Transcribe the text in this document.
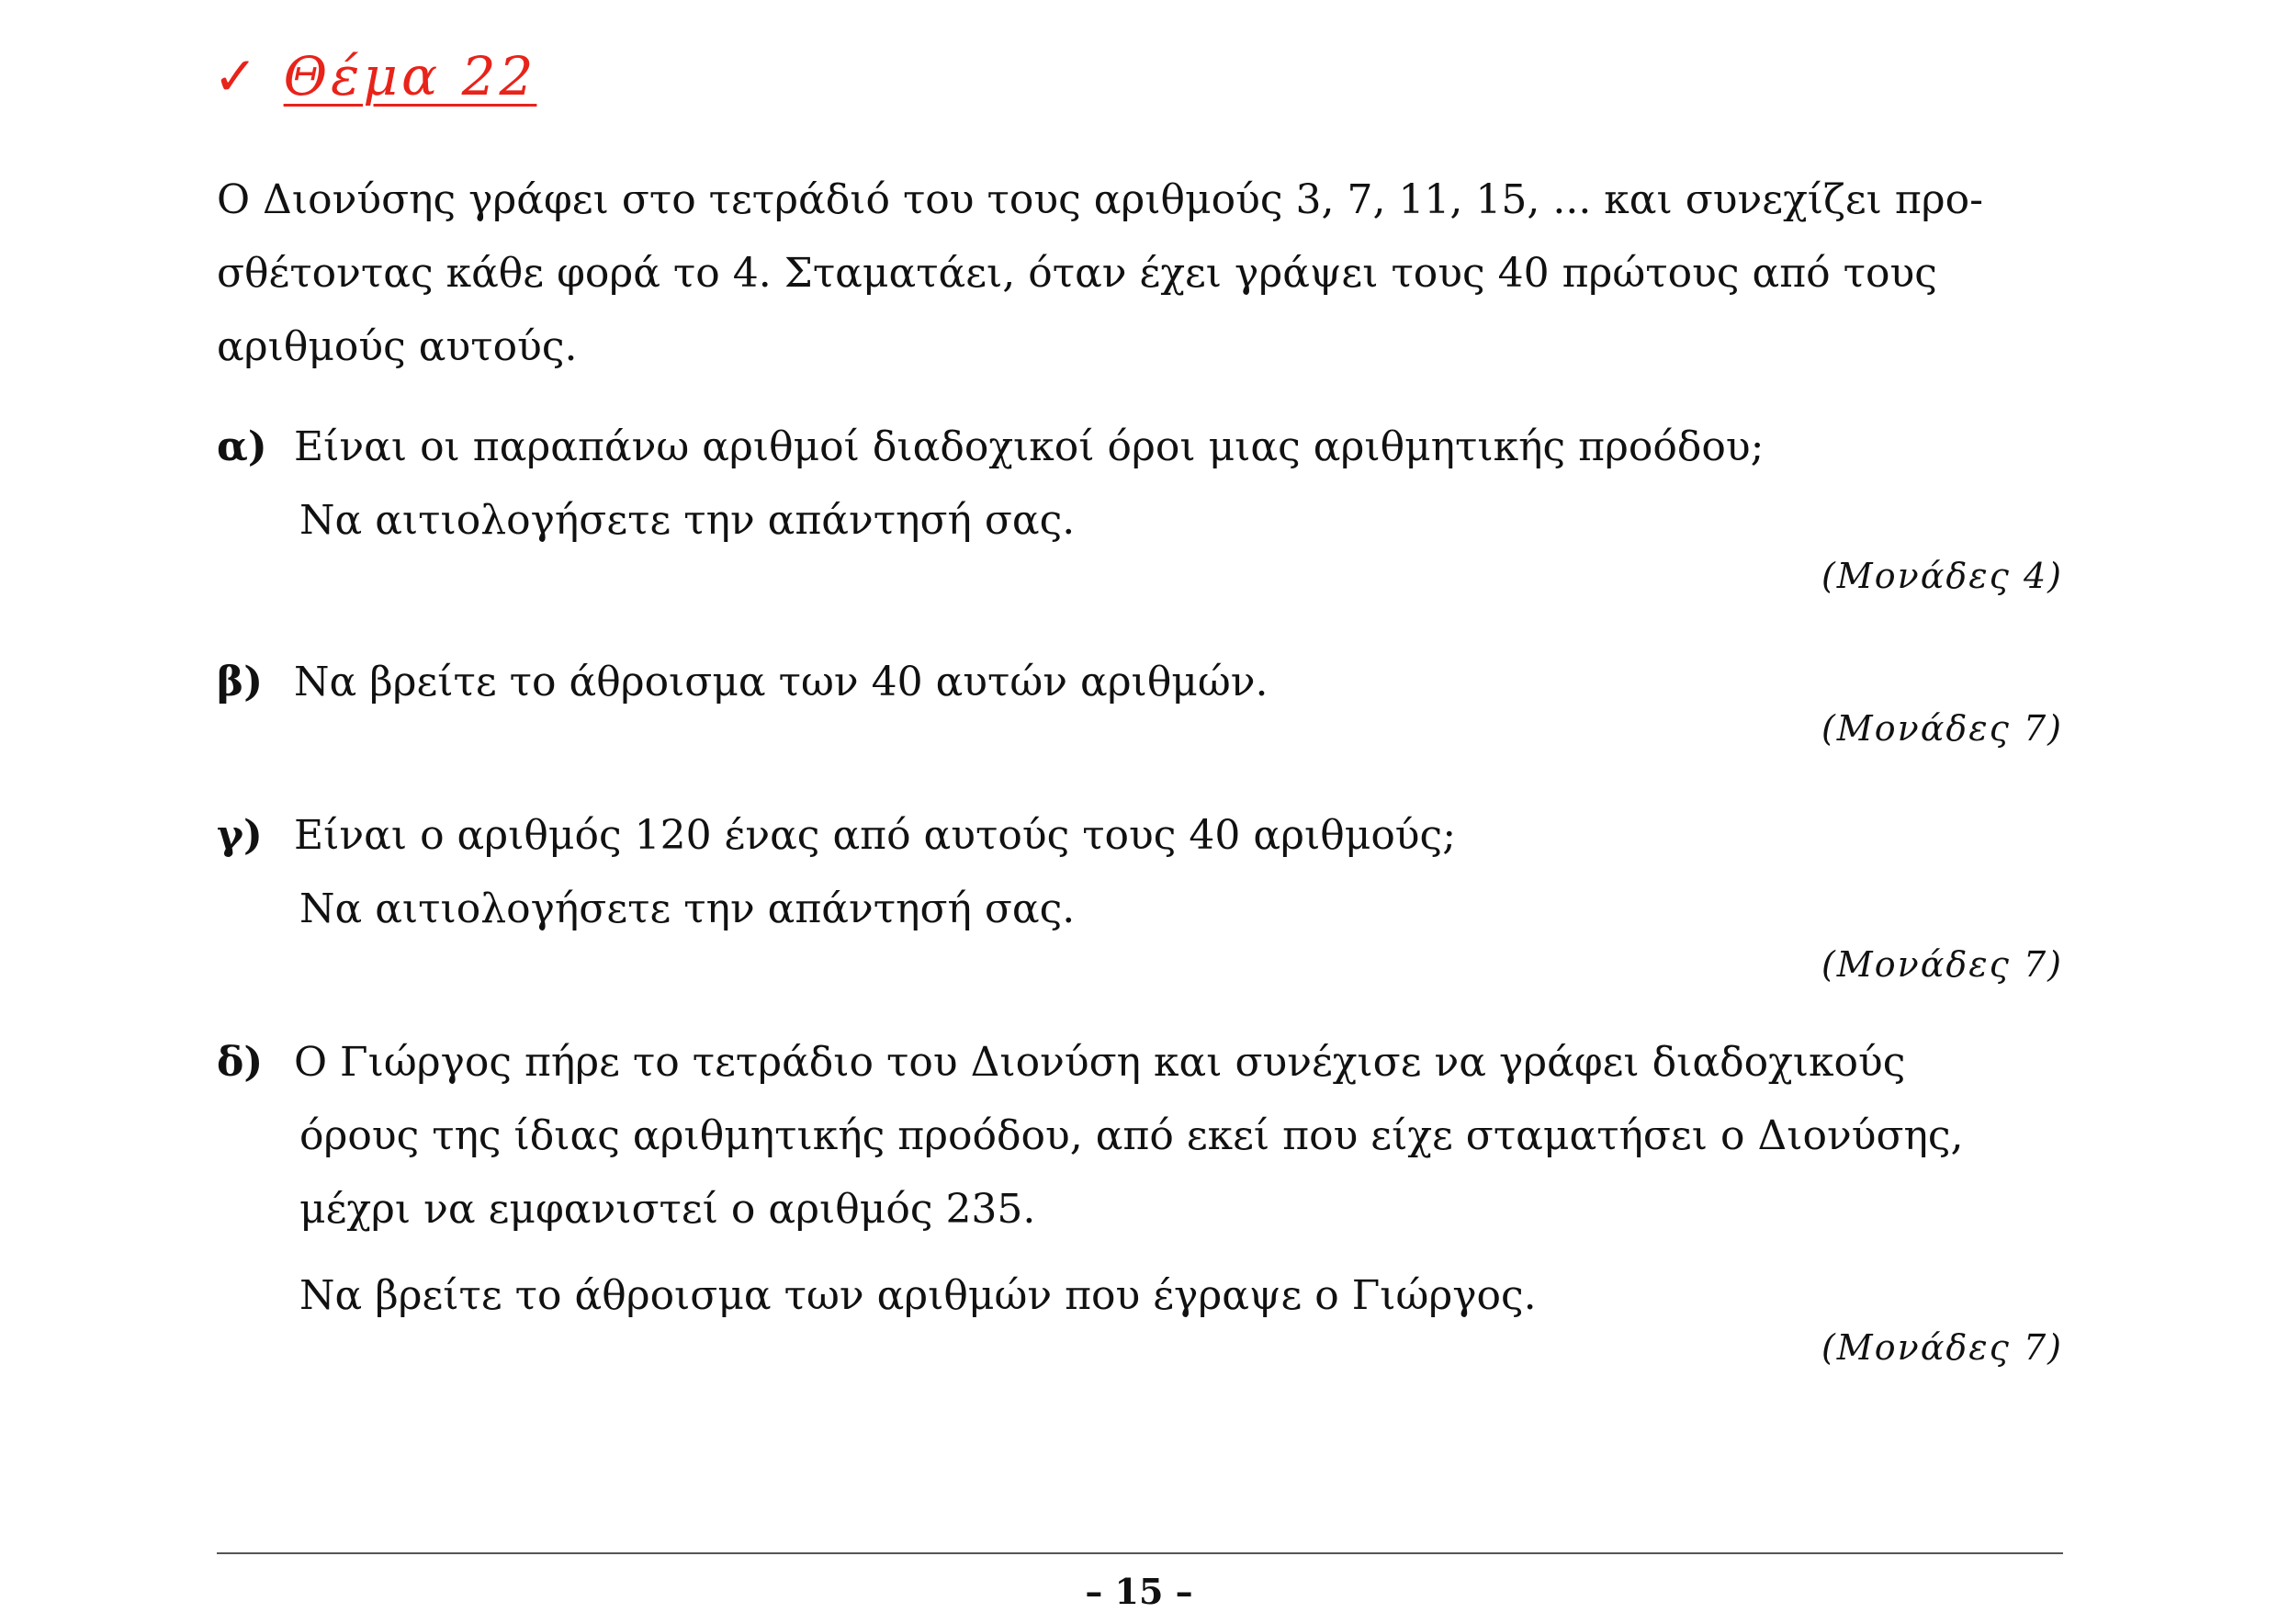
✓ Θέμα 22
Ο Διονύσης γράφει στο τετράδιό του τους αριθμούς 3, 7, 11, 15, ... και συνεχίζει προ-
σθέτοντας κάθε φορά το 4. Σταματάει, όταν έχει γράψει τους 40 πρώτους από τους
αριθμούς αυτούς.
α) Είναι οι παραπάνω αριθμοί διαδοχικοί όροι μιας αριθμητικής προόδου;
Να αιτιολογήσετε την απάντησή σας.
(Μονάδες 4)
β) Να βρείτε το άθροισμα των 40 αυτών αριθμών.
(Μονάδες 7)
γ) Είναι ο αριθμός 120 ένας από αυτούς τους 40 αριθμούς;
Να αιτιολογήσετε την απάντησή σας.
(Μονάδες 7)
δ) Ο Γιώργος πήρε το τετράδιο του Διονύση και συνέχισε να γράφει διαδοχικούς
όρους της ίδιας αριθμητικής προόδου, από εκεί που είχε σταματήσει ο Διονύσης,
μέχρι να εμφανιστεί ο αριθμός 235.
Να βρείτε το άθροισμα των αριθμών που έγραψε ο Γιώργος.
(Μονάδες 7)
– 15 –
